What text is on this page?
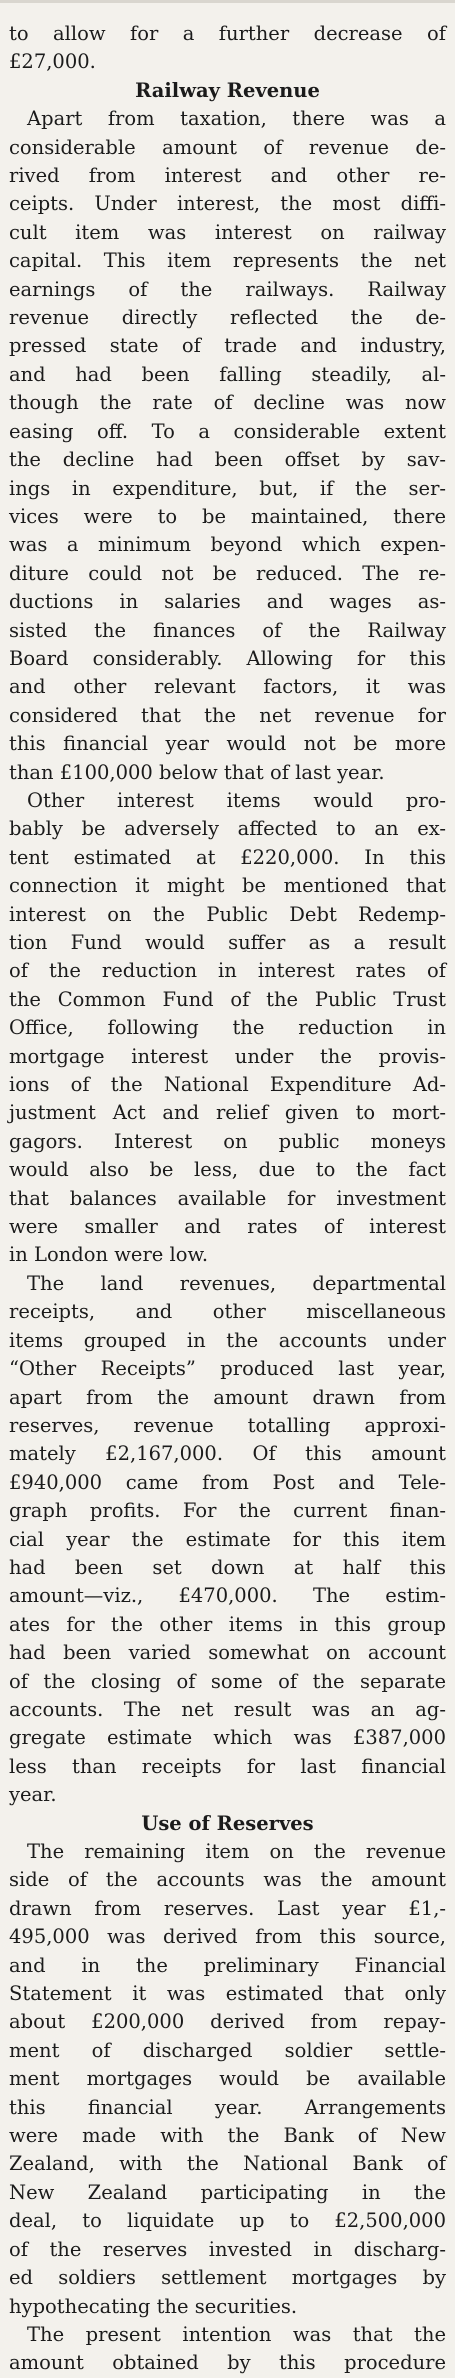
to allow for a further decrease of
£27,000.
Railway Revenue
Apart from taxation, there was a
considerable amount of revenue de-
rived from interest and other re-
ceipts. Under interest, the most diffi-
cult item was interest on railway
capital. This item represents the net
earnings of the railways. Railway
revenue directly reflected the de-
pressed state of trade and industry,
and had been falling steadily, al-
though the rate of decline was now
easing off. To a considerable extent
the decline had been offset by sav-
ings in expenditure, but, if the ser-
vices were to be maintained, there
was a minimum beyond which expen-
diture could not be reduced. The re-
ductions in salaries and wages as-
sisted the finances of the Railway
Board considerably. Allowing for this
and other relevant factors, it was
considered that the net revenue for
this financial year would not be more
than £100,000 below that of last year.
Other interest items would pro-
bably be adversely affected to an ex-
tent estimated at £220,000. In this
connection it might be mentioned that
interest on the Public Debt Redemp-
tion Fund would suffer as a result
of the reduction in interest rates of
the Common Fund of the Public Trust
Office, following the reduction in
mortgage interest under the provis-
ions of the National Expenditure Ad-
justment Act and relief given to mort-
gagors. Interest on public moneys
would also be less, due to the fact
that balances available for investment
were smaller and rates of interest
in London were low.
The land revenues, departmental
receipts, and other miscellaneous
items grouped in the accounts under
“Other Receipts” produced last year,
apart from the amount drawn from
reserves, revenue totalling approxi-
mately £2,167,000. Of this amount
£940,000 came from Post and Tele-
graph profits. For the current finan-
cial year the estimate for this item
had been set down at half this
amount—viz., £470,000. The estim-
ates for the other items in this group
had been varied somewhat on account
of the closing of some of the separate
accounts. The net result was an ag-
gregate estimate which was £387,000
less than receipts for last financial
year.
Use of Reserves
The remaining item on the revenue
side of the accounts was the amount
drawn from reserves. Last year £1,-
495,000 was derived from this source,
and in the preliminary Financial
Statement it was estimated that only
about £200,000 derived from repay-
ment of discharged soldier settle-
ment mortgages would be available
this financial year. Arrangements
were made with the Bank of New
Zealand, with the National Bank of
New Zealand participating in the
deal, to liquidate up to £2,500,000
of the reserves invested in discharg-
ed soldiers settlement mortgages by
hypothecating the securities.
The present intention was that the
amount obtained by this procedure
